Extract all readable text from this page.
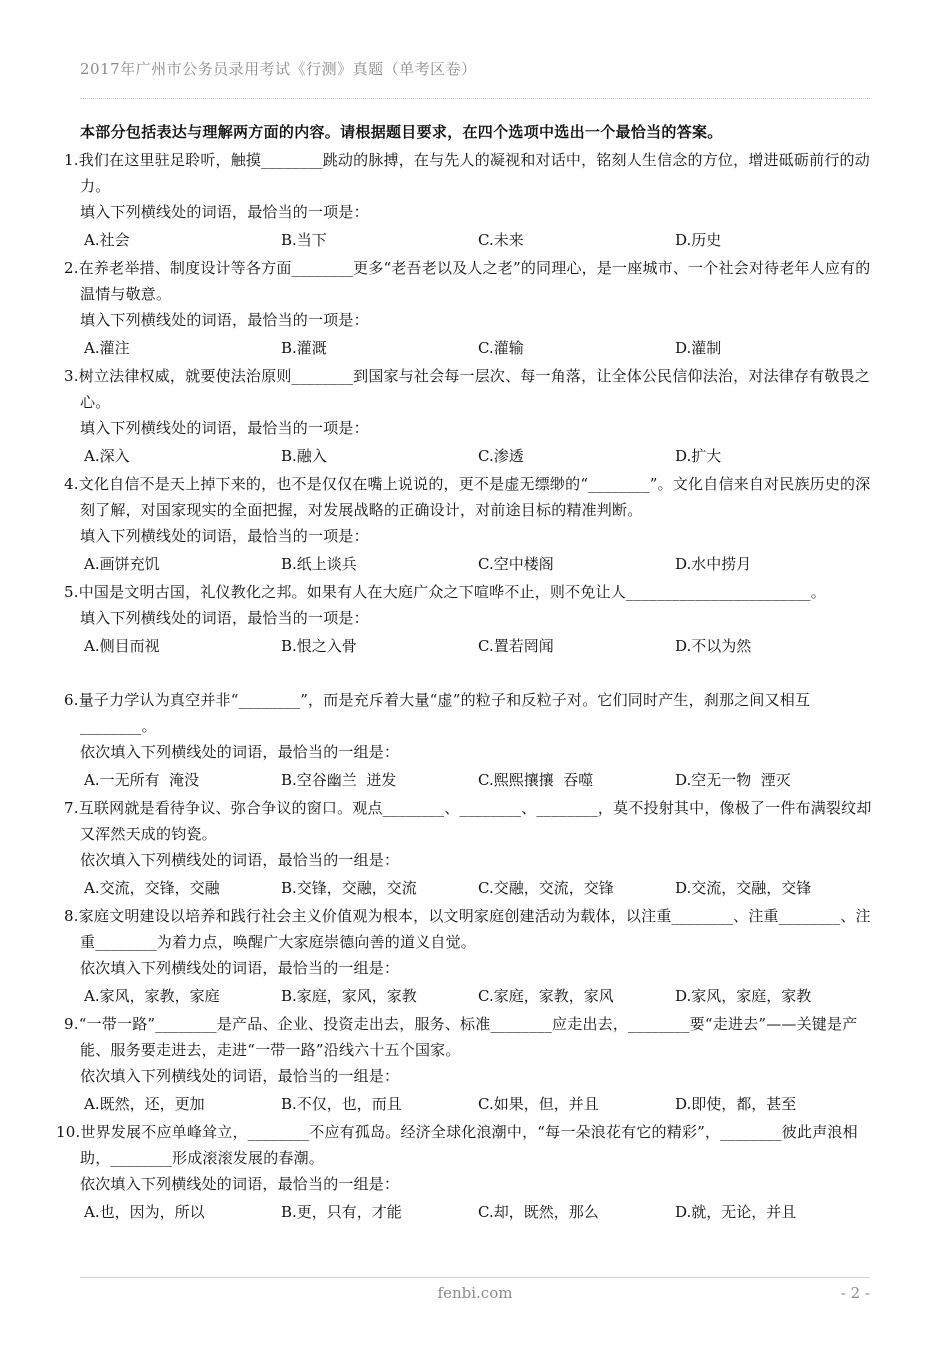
2017年广州市公务员录用考试《行测》真题（单考区卷）
本部分包括表达与理解两方面的内容。请根据题目要求，在四个选项中选出一个最恰当的答案。

1.我们在这里驻足聆听，触摸________跳动的脉搏，在与先人的凝视和对话中，铭刻人生信念的方位，增进砥砺前行的动力。

填入下列横线处的词语，最恰当的一项是：

A.社会	B.当下	C.未来	D.历史

2.在养老举措、制度设计等各方面________更多“老吾老以及人之老”的同理心，是一座城市、一个社会对待老年人应有的温情与敬意。

填入下列横线处的词语，最恰当的一项是：

A.灌注	B.灌溉	C.灌输	D.灌制

3.树立法律权威，就要使法治原则________到国家与社会每一层次、每一角落，让全体公民信仰法治，对法律存有敬畏之心。

填入下列横线处的词语，最恰当的一项是：

A.深入	B.融入	C.渗透	D.扩大

4.文化自信不是天上掉下来的，也不是仅仅在嘴上说说的，更不是虚无缥缈的“________”。文化自信来自对民族历史的深刻了解，对国家现实的全面把握，对发展战略的正确设计，对前途目标的精准判断。

填入下列横线处的词语，最恰当的一项是：

A.画饼充饥	B.纸上谈兵	C.空中楼阁	D.水中捞月

5.中国是文明古国，礼仪教化之邦。如果有人在大庭广众之下喧哗不止，则不免让人________________________。

填入下列横线处的词语，最恰当的一项是：

A.侧目而视	B.恨之入骨	C.置若罔闻	D.不以为然

6.量子力学认为真空并非“________”，而是充斥着大量“虚”的粒子和反粒子对。它们同时产生，刹那之间又相互________。

依次填入下列横线处的词语，最恰当的一组是：

A.一无所有  淹没	B.空谷幽兰  迸发	C.熙熙攘攘  吞噬	D.空无一物  湮灭

7.互联网就是看待争议、弥合争议的窗口。观点________、________、________，莫不投射其中，像极了一件布满裂纹却又浑然天成的钧瓷。

依次填入下列横线处的词语，最恰当的一组是：

A.交流，交锋，交融	B.交锋，交融，交流	C.交融，交流，交锋	D.交流，交融，交锋

8.家庭文明建设以培养和践行社会主义价值观为根本，以文明家庭创建活动为载体，以注重________、注重________、注重________为着力点，唤醒广大家庭崇德向善的道义自觉。

依次填入下列横线处的词语，最恰当的一组是：

A.家风，家教，家庭	B.家庭，家风，家教	C.家庭，家教，家风	D.家风，家庭，家教

9.“一带一路”________是产品、企业、投资走出去，服务、标准________应走出去，________要“走进去”——关键是产能、服务要走进去，走进“一带一路”沿线六十五个国家。

依次填入下列横线处的词语，最恰当的一组是：

A.既然，还，更加	B.不仅，也，而且	C.如果，但，并且	D.即使，都，甚至

10.世界发展不应单峰耸立，________不应有孤岛。经济全球化浪潮中，“每一朵浪花有它的精彩”，________彼此声浪相助，________形成滚滚发展的春潮。

依次填入下列横线处的词语，最恰当的一组是：

A.也，因为，所以	B.更，只有，才能	C.却，既然，那么	D.就，无论，并且
fenbi.com	- 2 -
